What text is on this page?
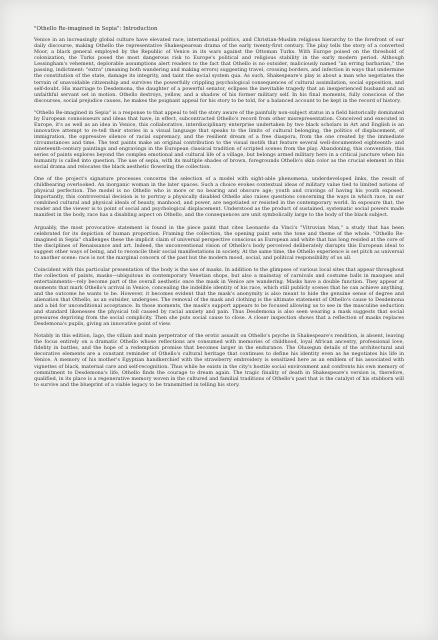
"Othello Re-imagined in Sepia": Introduction

Venice in an increasingly global culture have elevated race, international politics, and Christian-Muslim religious hierarchy to the forefront of our daily discourse, making Othello the representative Shakespearean drama of the early twenty-first century. The play tells the story of a converted Moor, a black general employed by the Republic of Venice in its wars against the Ottoman Turks. With Europe poised on the threshold of colonization, the Turks posed the most dangerous risk to Europe's political and religious stability in the early modern period. Although Lessingham's vehement, deplorable assumptions alert readers to the fact that Othello is no outsider, maliciously named "an erring barbarian," the passing, indictment: "extra" (meaning both wandering and making errors) suggesting travel, crossing borders, and infection in ways that undermine the constitution of the state, damage its integrity, and taint the social system qua. As such, Shakespeare's play is about a man who negotiates the terrain of unavoidable citizenship and survives the powerfully crippling psychological consequences of cultural assimilation, social opposition, and self-doubt. His marriage to Desdemona, the daughter of a powerful senator, eclipses the inevitable tragedy that an inexperienced husband and an unfaithful servant set in motion. Othello destroys, yellow, and a shadow of his former military self. In his final moments, fully conscious of the discourses, social prejudice causes, he makes the poignant appeal for his story to be told, for a balanced account to be kept in the record of history.

"Othello Re-imagined in Sepia" is a response to that appeal to tell the story aware of the painfully non-subject status in a field historically dominated by European connoisseurs and ideas that have, in effect, subcontracted Othello's record from other misrepresentation. Conceived and executed in Europe, it's as well as an idea in Venice, this collaborative, interdisciplinary enterprise undertaken by two black scholars in Art and English is an innovative attempt to re-tell their stories in a visual language that speaks to the limits of cultural belonging, the politics of displacement, of immigration, the oppressive silence of racial supremacy, and the resilient dream of a free diaspora, from the one created by the immediate circumstances and time. The text paints make an original contribution to the visual motifs that feature several well-documented eighteenth- and nineteenth-century paintings and engravings in the European classical tradition of scripted scenes from the play. Abandoning, this convention, this series of paints explores beyond the complex emotional and cultural life of a village, but belongs armed military hero in a critical juncture when his humanity is called into question. The use of sepia, with its multiple shades of brown, foregrounds Othello's skin color as the crucial element in this social drama and relocates the black aesthetic flowering the collection.

One of the project's signature processes concerns the selection of a model with sight-able phenomena, underdeveloped links, the result of childbearing overlooked. An inorganic woman in the later spaces. Such a choice evokes contextual ideas of military value tied to limited notions of physical perfection. The model is no Othello who is more or no bearing and obscure age; youth and cravings of having his youth exposed. Importantly, this controversial decision is to portray a physically disabled Othello also raises questions concerning the ways in which race, in our combined cultural and physical ideals of beauty, manhood, and power, are negotiated or resisted in the contemporary world. In exposure that, the reader and the viewer is to point of social and psychological displacement. Understood as the product of sustained, systematic social powers made manifest in the body, race has a disabling aspect on Othello, and the consequences are unit symbolically large to the body of the black subject.

Arguably, the most provocative statement is found in the piece paint that cites Leonardo da Vinci's "Vitruvian Man," a study that has been celebrated for its depiction of human proportion. Framing the collection, the opening paint sets the tone and theme of the whole. "Othello Re-imagined in Sepia" challenges these the implicit claim of universal perspective conscious as European and white that has long resided at the core of the disciplines of Renaissance and art. Indeed, the unconventional vision of Othello's body perceived deliberately disrupts this European ideal to suggest other ways of being, and to reconcile their social manifestations in society. At the same time, the Othello experience is set pitch as universal to another scene: race is not the marginal concern of the past but the modern mood, social, and political responsibility of us all.

Coincident with this particular presentation of the body is the use of masks. In addition to the glimpses of various local sites that appear throughout the collection of paints, masks—ubiquitous in contemporary Venetian shops, but also a mainstay of carnivals and costume balls in masques and entertainments—rely become part of the overall aesthetic once the mask in Venice are wandering. Masks have a double function. They appear at moments that mark Othello's arrival in Venice, concealing the indelible identity of his race, which still publicly scenes that he can achieve anything, and the outcome he wants to be. However, it becomes evident that the mask's anonymity is also meant to hide the genuine sense of degree and alienation that Othello, as an outsider, undergoes. The removal of the mask and clothing is the ultimate statement of Othello's cause to Desdemona and a bid for unconditional acceptance. In those moments, the mask's support appears to be focused allowing us to see in the masculine seduction and standard likenesses the physical toll caused by racial anxiety and pain. Thus Desdemona is also seen wearing a mask suggests that social pressures depriving from the social complicity. Then she puts social cause to close. A closer inspection shows that a reflection of masks replaces Desdemona's pupils, giving an innovative point of view.

Notably in this edition, Iago, the villain and main perpetrator of the erotic assault on Othello's psyche in Shakespeare's rendition, is absent, leaving the focus entirely on a dramatic Othello whose reflections are consumed with memories of childhood, loyal African ancestry, professional love, fidelity in battles, and the hope of a redemption promise that becomes larger in the endurance. The Olusegun details of the architectural and decorative elements are a constant reminder of Othello's cultural heritage that continues to define his identity even as he negotiates his life in Venice. A memory of his mother's Egyptian handkerchief with the strawberry embroidery is sensitized here as an emblem of his associated with vignettes of black, maternal care and self-recognition. Thus while he exists in the city's hostile social environment and confronts his own memory of commitment to Desdemona's life, Othello finds the courage to dream again. The tragic finality of death in Shakespeare's version is, therefore, qualified, in its place is a regenerative memory woven in the cultured and familial traditions of Othello's past that is the catalyst of his stubborn will to survive and the blueprint of a viable legacy to be transmitted in telling his story.
